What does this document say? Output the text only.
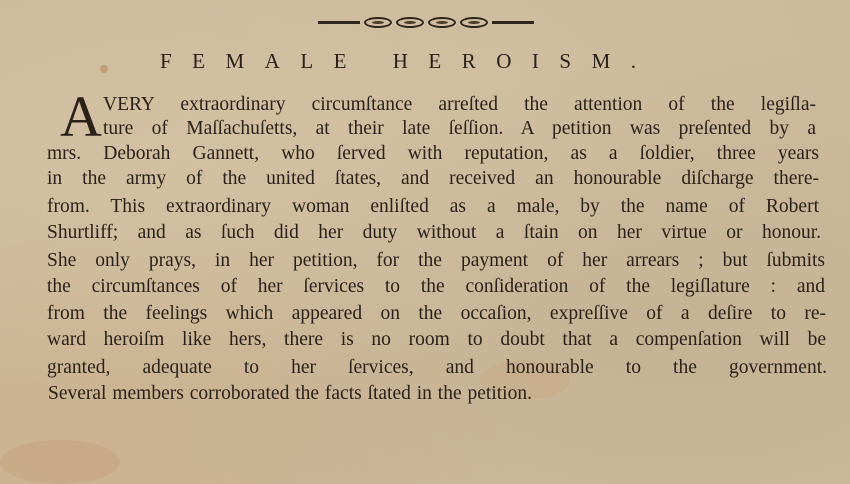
FEMALE HEROISM.
A VERY extraordinary circumſtance arreſted the attention of the legiſla-
ture of Maſſachuſetts, at their late ſeſſion. A petition was preſented by a
mrs. Deborah Gannett, who ſerved with reputation, as a ſoldier, three years
in the army of the united ſtates, and received an honourable diſcharge there-
from. This extraordinary woman enliſted as a male, by the name of Robert
Shurtliff; and as ſuch did her duty without a ſtain on her virtue or honour.
She only prays, in her petition, for the payment of her arrears ; but ſubmits
the circumſtances of her ſervices to the conſideration of the legiſlature : and
from the feelings which appeared on the occaſion, expreſſive of a deſire to re-
ward heroiſm like hers, there is no room to doubt that a compenſation will be
granted, adequate to her ſervices, and honourable to the government.
Several members corroborated the facts ſtated in the petition.
